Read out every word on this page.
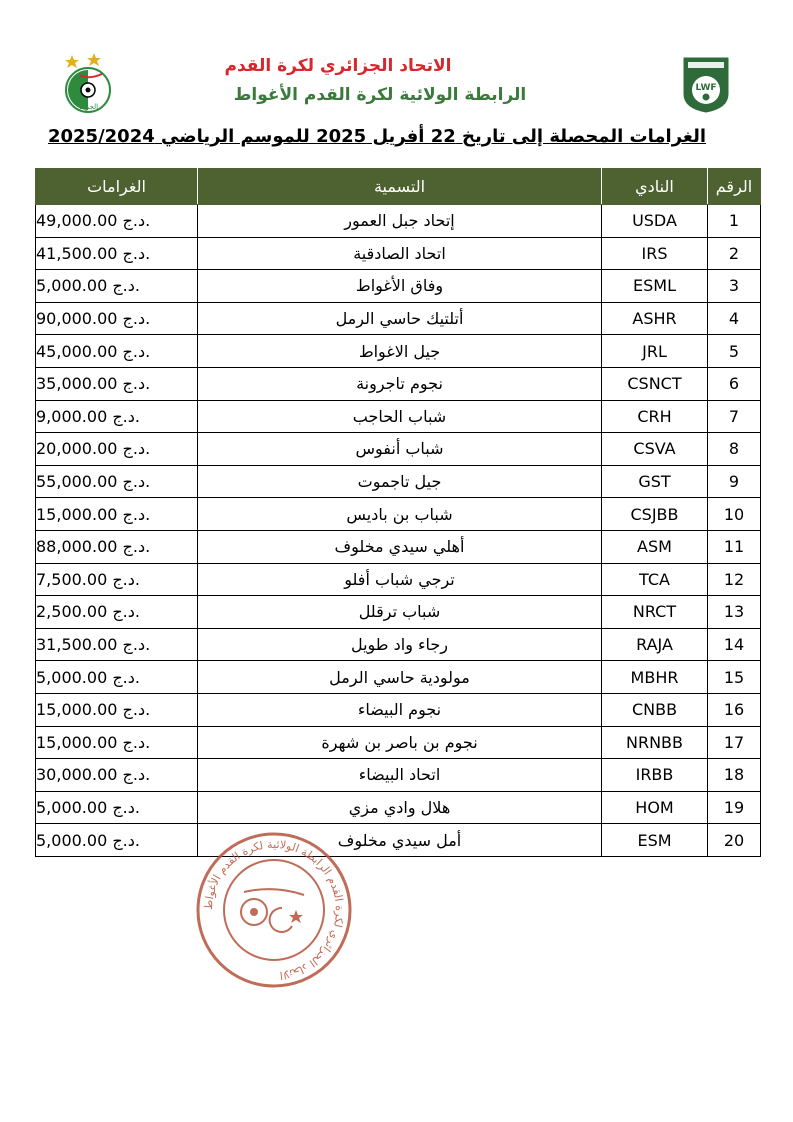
الجزائر
LWF
الاتحاد الجزائري لكرة القدم
الرابطة الولائية لكرة القدم الأغواط
الغرامات المحصلة إلى تاريخ 22 أفريل 2025 للموسم الرياضي 2025/2024
الرقم	النادي	التسمية	الغرامات
1	USDA	إتحاد جبل العمور	د.ج. 49,000.00
2	IRS	اتحاد الصادقية	د.ج. 41,500.00
3	ESML	وفاق الأغواط	د.ج. 5,000.00
4	ASHR	أتلتيك حاسي الرمل	د.ج. 90,000.00
5	JRL	جيل الاغواط	د.ج. 45,000.00
6	CSNCT	نجوم تاجرونة	د.ج. 35,000.00
7	CRH	شباب الحاجب	د.ج. 9,000.00
8	CSVA	شباب أنفوس	د.ج. 20,000.00
9	GST	جيل تاجموت	د.ج. 55,000.00
10	CSJBB	شباب بن باديس	د.ج. 15,000.00
11	ASM	أهلي سيدي مخلوف	د.ج. 88,000.00
12	TCA	ترجي شباب أفلو	د.ج. 7,500.00
13	NRCT	شباب ترقلل	د.ج. 2,500.00
14	RAJA	رجاء واد طويل	د.ج. 31,500.00
15	MBHR	مولودية حاسي الرمل	د.ج. 5,000.00
16	CNBB	نجوم البيضاء	د.ج. 15,000.00
17	NRNBB	نجوم بن باصر بن شهرة	د.ج. 15,000.00
18	IRBB	اتحاد البيضاء	د.ج. 30,000.00
19	HOM	هلال وادي مزي	د.ج. 5,000.00
20	ESM	أمل سيدي مخلوف	د.ج. 5,000.00
الاتحاد الجزائري لكرة القدم الرابطة الولائية لكرة القدم الأغواط
